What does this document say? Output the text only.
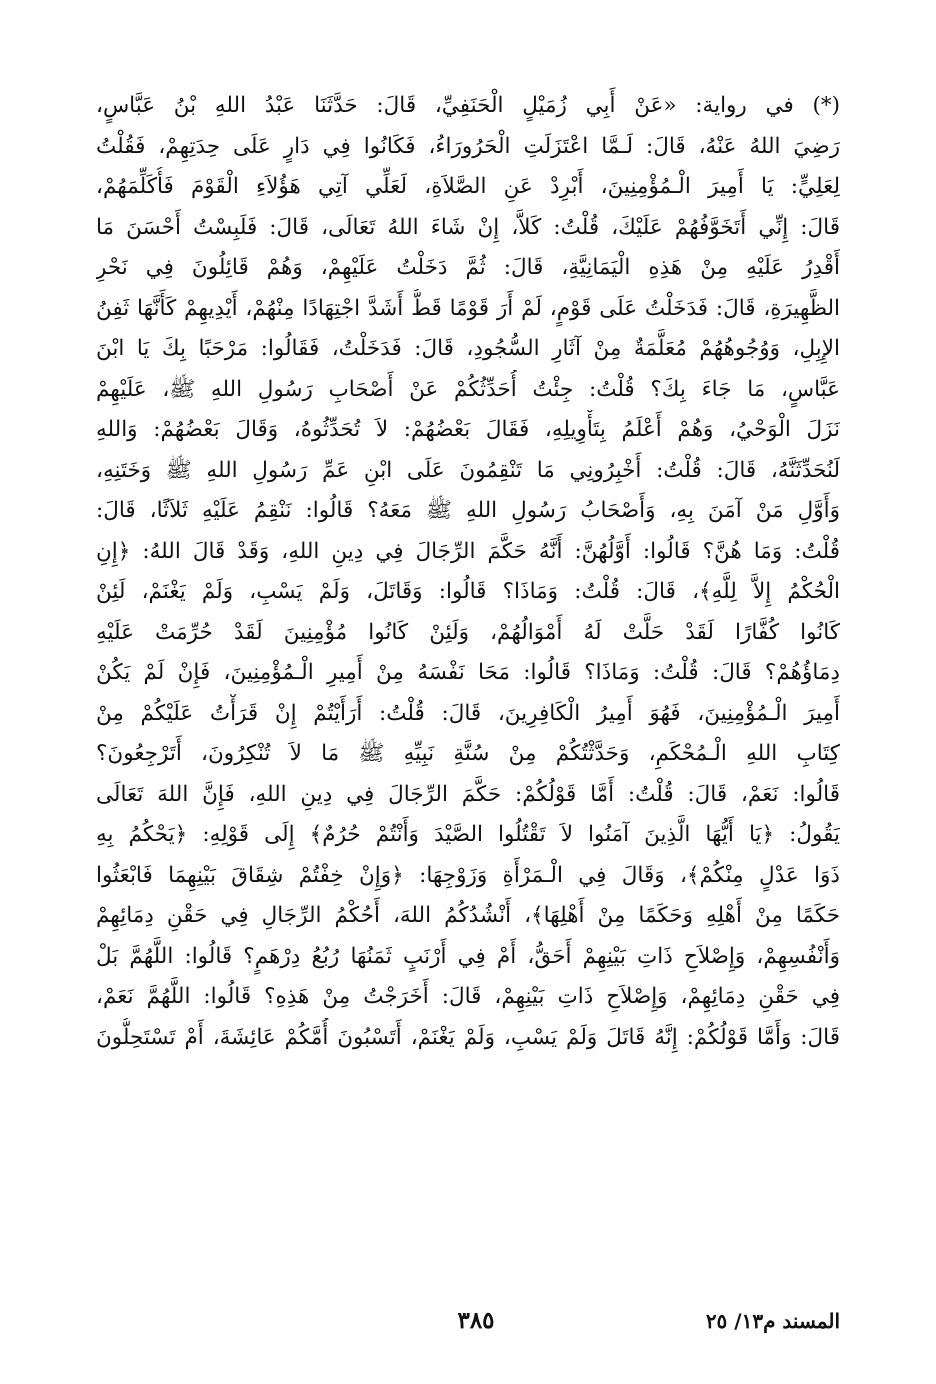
(*) في رواية: «عَنْ أَبِي زُمَيْلٍ الْحَنَفِيِّ، قَالَ: حَدَّثَنَا عَبْدُ اللهِ بْنُ عَبَّاسٍ،
رَضِيَ اللهُ عَنْهُ، قَالَ: لَـمَّا اعْتَزَلَتِ الْحَرُورَاءُ، فَكَانُوا فِي دَارٍ عَلَى حِدَتِهِمْ، فَقُلْتُ
لِعَلِيٍّ: يَا أَمِيرَ الْـمُؤْمِنِينَ، أَبْرِدْ عَنِ الصَّلاَةِ، لَعَلِّي آتِي هَؤُلاَءِ الْقَوْمَ فَأُكَلِّمَهُمْ،
قَالَ: إِنِّي أَتَخَوَّفُهُمْ عَلَيْكَ، قُلْتُ: كَلاَّ، إِنْ شَاءَ اللهُ تَعَالَى، قَالَ: فَلَبِسْتُ أَحْسَنَ مَا
أَقْدِرُ عَلَيْهِ مِنْ هَذِهِ الْيَمَانِيَّةِ، قَالَ: ثُمَّ دَخَلْتُ عَلَيْهِمْ، وَهُمْ قَائِلُونَ فِي نَحْرِ
الظَّهِيرَةِ، قَالَ: فَدَخَلْتُ عَلَى قَوْمٍ، لَمْ أَرَ قَوْمًا قَطُّ أَشَدَّ اجْتِهَادًا مِنْهُمْ، أَيْدِيهِمْ كَأَنَّهَا ثَفِنُ
الإِبِلِ، وَوُجُوهُهُمْ مُعَلَّمَةٌ مِنْ آثَارِ السُّجُودِ، قَالَ: فَدَخَلْتُ، فَقَالُوا: مَرْحَبًا بِكَ يَا ابْنَ
عَبَّاسٍ، مَا جَاءَ بِكَ؟ قُلْتُ: جِئْتُ أُحَدِّثُكُمْ عَنْ أَصْحَابِ رَسُولِ اللهِ ﷺ، عَلَيْهِمْ
نَزَلَ الْوَحْيُ، وَهُمْ أَعْلَمُ بِتَأْوِيلِهِ، فَقَالَ بَعْضُهُمْ: لاَ تُحَدِّثُوهُ، وَقَالَ بَعْضُهُمْ: وَاللهِ
لَنُحَدِّثَنَّهُ، قَالَ: قُلْتُ: أَخْبِرُونِي مَا تَنْقِمُونَ عَلَى ابْنِ عَمِّ رَسُولِ اللهِ ﷺ وَخَتَنِهِ،
وَأَوَّلِ مَنْ آمَنَ بِهِ، وَأَصْحَابُ رَسُولِ اللهِ ﷺ مَعَهُ؟ قَالُوا: نَنْقِمُ عَلَيْهِ ثَلاَثًا، قَالَ:
قُلْتُ: وَمَا هُنَّ؟ قَالُوا: أَوَّلُهُنَّ: أَنَّهُ حَكَّمَ الرِّجَالَ فِي دِينِ اللهِ، وَقَدْ قَالَ اللهُ: ﴿إِنِ
الْحُكْمُ إِلاَّ لِلَّهِ﴾، قَالَ: قُلْتُ: وَمَاذَا؟ قَالُوا: وَقَاتَلَ، وَلَمْ يَسْبِ، وَلَمْ يَغْنَمْ، لَئِنْ
كَانُوا كُفَّارًا لَقَدْ حَلَّتْ لَهُ أَمْوَالُهُمْ، وَلَئِنْ كَانُوا مُؤْمِنِينَ لَقَدْ حُرِّمَتْ عَلَيْهِ
دِمَاؤُهُمْ؟ قَالَ: قُلْتُ: وَمَاذَا؟ قَالُوا: مَحَا نَفْسَهُ مِنْ أَمِيرِ الْـمُؤْمِنِينَ، فَإِنْ لَمْ يَكُنْ
أَمِيرَ الْـمُؤْمِنِينَ، فَهُوَ أَمِيرُ الْكَافِرِينَ، قَالَ: قُلْتُ: أَرَأَيْتُمْ إِنْ قَرَأْتُ عَلَيْكُمْ مِنْ
كِتَابِ اللهِ الْـمُحْكَمِ، وَحَدَّثْتُكُمْ مِنْ سُنَّةِ نَبِيِّهِ ﷺ مَا لاَ تُنْكِرُونَ، أَتَرْجِعُونَ؟
قَالُوا: نَعَمْ، قَالَ: قُلْتُ: أَمَّا قَوْلُكُمْ: حَكَّمَ الرِّجَالَ فِي دِينِ اللهِ، فَإِنَّ اللهَ تَعَالَى
يَقُولُ: ﴿يَا أَيُّهَا الَّذِينَ آمَنُوا لاَ تَقْتُلُوا الصَّيْدَ وَأَنْتُمْ حُرُمٌ﴾ إِلَى قَوْلِهِ: ﴿يَحْكُمُ بِهِ
ذَوَا عَدْلٍ مِنْكُمْ﴾، وَقَالَ فِي الْـمَرْأَةِ وَزَوْجِهَا: ﴿وَإِنْ خِفْتُمْ شِقَاقَ بَيْنِهِمَا فَابْعَثُوا
حَكَمًا مِنْ أَهْلِهِ وَحَكَمًا مِنْ أَهْلِهَا﴾، أَنْشُدُكُمُ اللهَ، أَحُكْمُ الرِّجَالِ فِي حَقْنِ دِمَائِهِمْ
وَأَنْفُسِهِمْ، وَإِصْلاَحِ ذَاتِ بَيْنِهِمْ أَحَقُّ، أَمْ فِي أَرْنَبٍ ثَمَنُهَا رُبُعُ دِرْهَمٍ؟ قَالُوا: اللَّهُمَّ بَلْ
فِي حَقْنِ دِمَائِهِمْ، وَإِصْلاَحِ ذَاتِ بَيْنِهِمْ، قَالَ: أَخَرَجْتُ مِنْ هَذِهِ؟ قَالُوا: اللَّهُمَّ نَعَمْ،
قَالَ: وَأَمَّا قَوْلُكُمْ: إِنَّهُ قَاتَلَ وَلَمْ يَسْبِ، وَلَمْ يَغْنَمْ، أَتَسْبُونَ أُمَّكُمْ عَائِشَةَ، أَمْ تَسْتَحِلُّونَ
المسند م١٣/ ٢٥
٣٨٥
